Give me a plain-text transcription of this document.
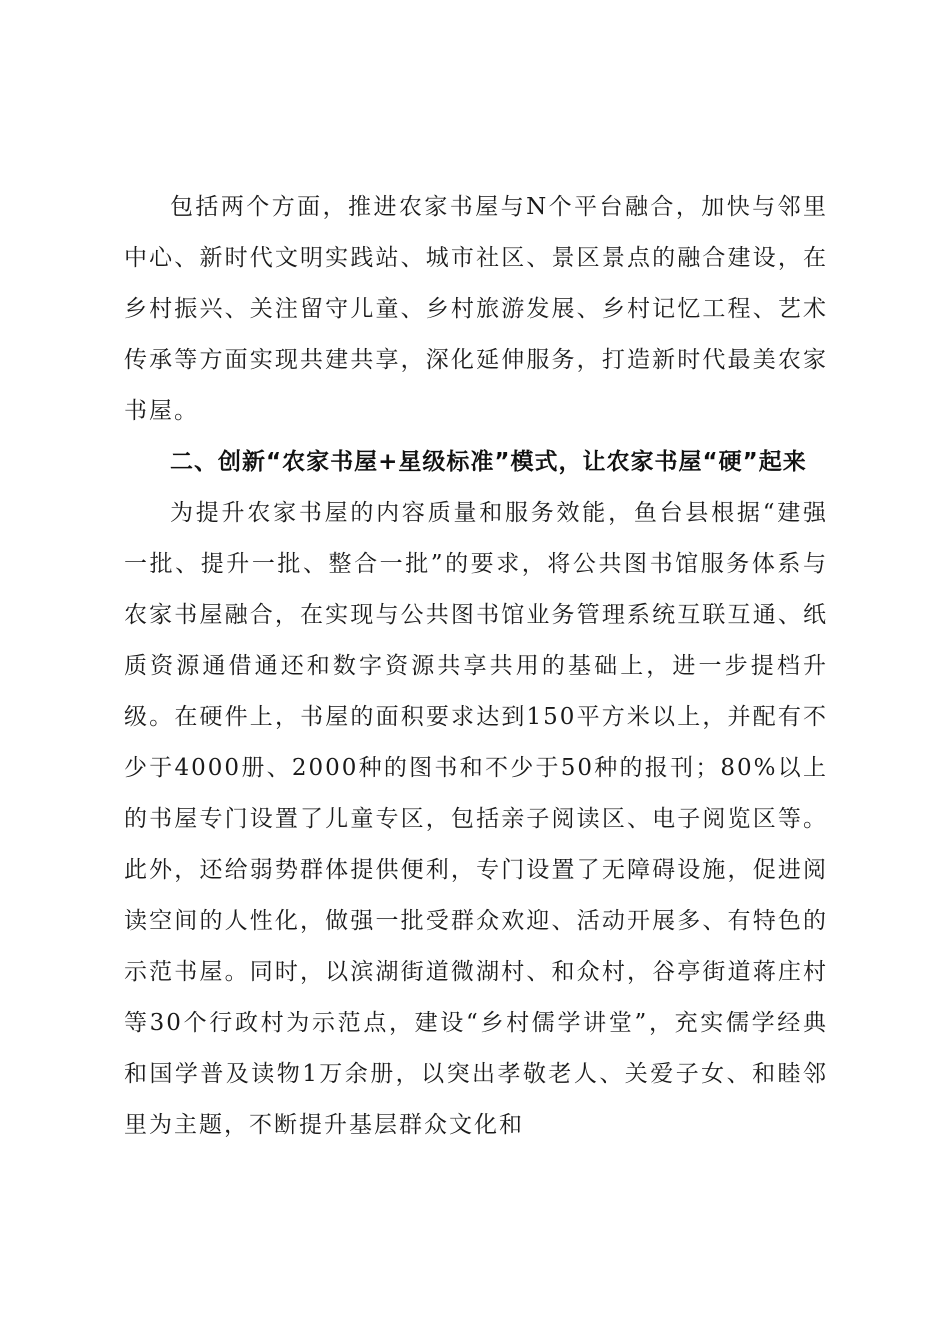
包括两个方面，推进农家书屋与N个平台融合，加快与邻里中心、新时代文明实践站、城市社区、景区景点的融合建设，在乡村振兴、关注留守儿童、乡村旅游发展、乡村记忆工程、艺术传承等方面实现共建共享，深化延伸服务，打造新时代最美农家书屋。

二、创新“农家书屋+星级标准”模式，让农家书屋“硬”起来

为提升农家书屋的内容质量和服务效能，鱼台县根据“建强一批、提升一批、整合一批”的要求，将公共图书馆服务体系与农家书屋融合，在实现与公共图书馆业务管理系统互联互通、纸质资源通借通还和数字资源共享共用的基础上，进一步提档升级。在硬件上，书屋的面积要求达到150平方米以上，并配有不少于4000册、2000种的图书和不少于50种的报刊；80%以上的书屋专门设置了儿童专区，包括亲子阅读区、电子阅览区等。此外，还给弱势群体提供便利，专门设置了无障碍设施，促进阅读空间的人性化，做强一批受群众欢迎、活动开展多、有特色的示范书屋。同时，以滨湖街道微湖村、和众村，谷亭街道蒋庄村等30个行政村为示范点，建设“乡村儒学讲堂”，充实儒学经典和国学普及读物1万余册，以突出孝敬老人、关爱子女、和睦邻里为主题，不断提升基层群众文化和
